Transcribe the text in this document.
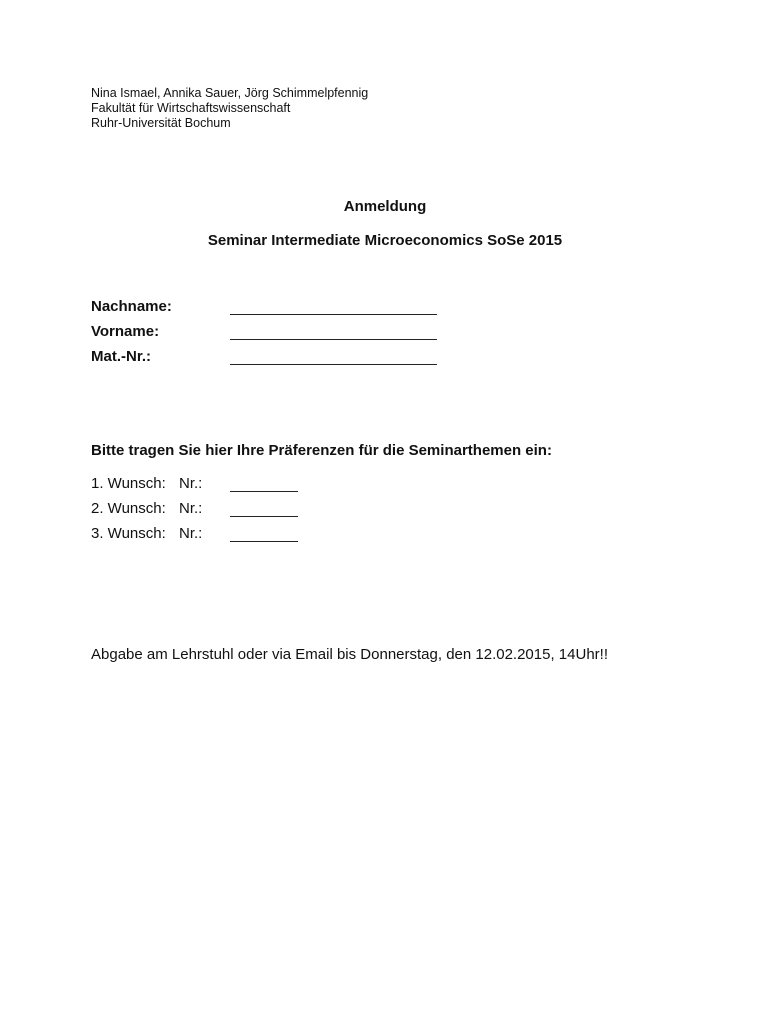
Nina Ismael, Annika Sauer, Jörg Schimmelpfennig
Fakultät für Wirtschaftswissenschaft
Ruhr-Universität Bochum
Anmeldung
Seminar Intermediate Microeconomics SoSe 2015
Nachname:
Vorname:
Mat.-Nr.:
Bitte tragen Sie hier Ihre Präferenzen für die Seminarthemen ein:
1. Wunsch: Nr.:
2. Wunsch: Nr.:
3. Wunsch: Nr.:
Abgabe am Lehrstuhl oder via Email bis Donnerstag, den 12.02.2015, 14Uhr!!
